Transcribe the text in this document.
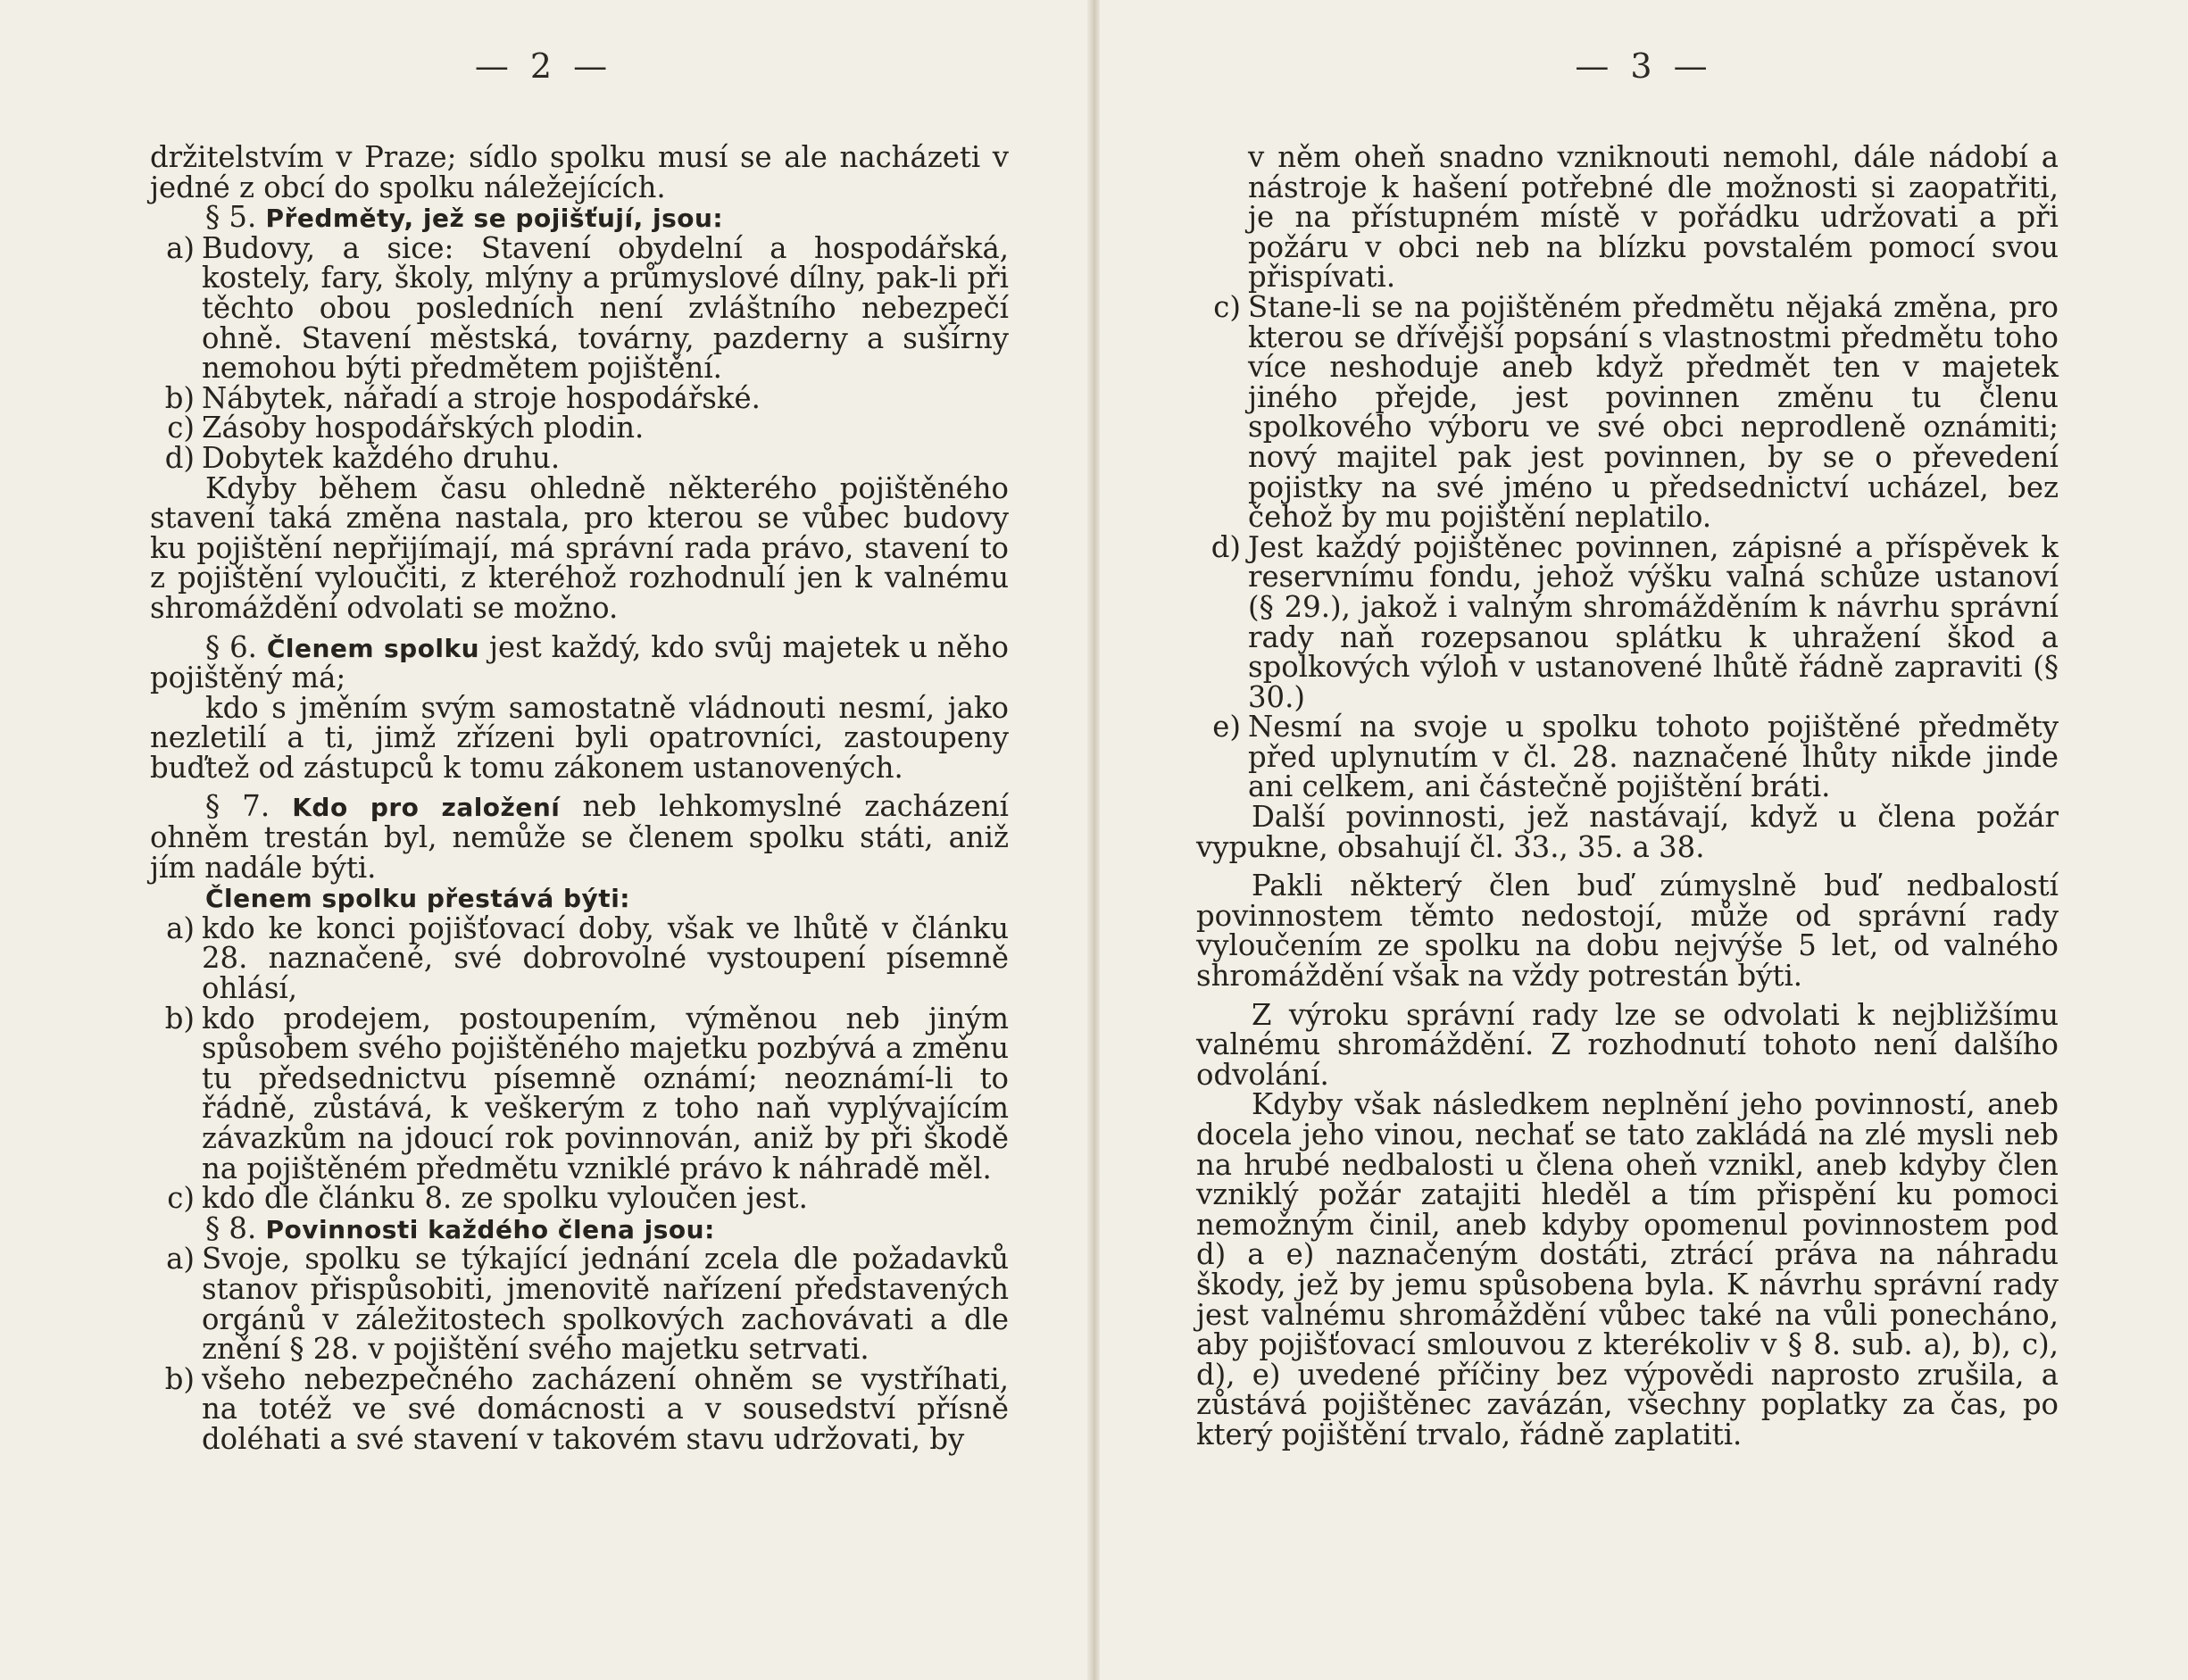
— 2 —

držitelstvím v Praze; sídlo spolku musí se ale nacházeti v jedné z obcí do spolku náležejících.

§ 5. Předměty, jež se pojišťují, jsou:

a) Budovy, a sice: Stavení obydelní a hospodářská, kostely, fary, školy, mlýny a průmyslové dílny, pak-li při těchto obou posledních není zvláštního nebezpečí ohně. Stavení městská, továrny, pazderny a sušírny nemohou býti předmětem pojištění.
b) Nábytek, nářadí a stroje hospodářské.
c) Zásoby hospodářských plodin.
d) Dobytek každého druhu.

Kdyby během času ohledně některého pojištěného stavení taká změna nastala, pro kterou se vůbec budovy ku pojištění nepřijímají, má správní rada právo, stavení to z pojištění vyloučiti, z kteréhož rozhodnulí jen k valnému shromáždění odvolati se možno.

§ 6. Členem spolku jest každý, kdo svůj majetek u něho pojištěný má;

kdo s jměním svým samostatně vládnouti nesmí, jako nezletilí a ti, jimž zřízeni byli opatrovníci, zastoupeny buďtež od zástupců k tomu zákonem ustanovených.

§ 7. Kdo pro založení neb lehkomyslné zacházení ohněm trestán byl, nemůže se členem spolku státi, aniž jím nadále býti.

Členem spolku přestává býti:

a) kdo ke konci pojišťovací doby, však ve lhůtě v článku 28. naznačené, své dobrovolné vystoupení písemně ohlásí,
b) kdo prodejem, postoupením, výměnou neb jiným spůsobem svého pojištěného majetku pozbývá a změnu tu předsednictvu písemně oznámí; neoznámí-li to řádně, zůstává, k veškerým z toho naň vyplývajícím závazkům na jdoucí rok povinnován, aniž by při škodě na pojištěném předmětu vzniklé právo k náhradě měl.
c) kdo dle článku 8. ze spolku vyloučen jest.

§ 8. Povinnosti každého člena jsou:

a) Svoje, spolku se týkající jednání zcela dle požadavků stanov přispůsobiti, jmenovitě nařízení představených orgánů v záležitostech spolkových zachovávati a dle znění § 28. v pojištění svého majetku setrvati.
b) všeho nebezpečného zacházení ohněm se vystříhati, na totéž ve své domácnosti a v sousedství přísně doléhati a své stavení v takovém stavu udržovati, by
— 3 —
v něm oheň snadno vzniknouti nemohl, dále nádobí a nástroje k hašení potřebné dle možnosti si zaopatřiti, je na přístupném místě v pořádku udržovati a při požáru v obci neb na blízku povstalém pomocí svou přispívati.
c) Stane-li se na pojištěném předmětu nějaká změna, pro kterou se dřívější popsání s vlastnostmi předmětu toho více neshoduje aneb když předmět ten v majetek jiného přejde, jest povinnen změnu tu členu spolkového výboru ve své obci neprodleně oznámiti; nový majitel pak jest povinnen, by se o převedení pojistky na své jméno u předsednictví ucházel, bez čehož by mu pojištění neplatilo.
d) Jest každý pojištěnec povinnen, zápisné a příspěvek k reservnímu fondu, jehož výšku valná schůze ustanoví (§ 29.), jakož i valným shromážděním k návrhu správní rady naň rozepsanou splátku k uhražení škod a spolkových výloh v ustanovené lhůtě řádně zapraviti (§ 30.)
e) Nesmí na svoje u spolku tohoto pojištěné předměty před uplynutím v čl. 28. naznačené lhůty nikde jinde ani celkem, ani částečně pojištění bráti.

Další povinnosti, jež nastávají, když u člena požár vypukne, obsahují čl. 33., 35. a 38.

Pakli některý člen buď zúmyslně buď nedbalostí povinnostem těmto nedostojí, může od správní rady vyloučením ze spolku na dobu nejvýše 5 let, od valného shromáždění však na vždy potrestán býti.

Z výroku správní rady lze se odvolati k nejbližšímu valnému shromáždění. Z rozhodnutí tohoto není dalšího odvolání.

Kdyby však následkem neplnění jeho povinností, aneb docela jeho vinou, nechať se tato zakládá na zlé mysli neb na hrubé nedbalosti u člena oheň vznikl, aneb kdyby člen vzniklý požár zatajiti hleděl a tím přispění ku pomoci nemožným činil, aneb kdyby opomenul povinnostem pod d) a e) naznačeným dostáti, ztrácí práva na náhradu škody, jež by jemu spůsobena byla. K návrhu správní rady jest valnému shromáždění vůbec také na vůli ponecháno, aby pojišťovací smlouvou z kterékoliv v § 8. sub. a), b), c), d), e) uvedené příčiny bez výpovědi naprosto zrušila, a zůstává pojištěnec zavázán, všechny poplatky za čas, po který pojištění trvalo, řádně zaplatiti.
